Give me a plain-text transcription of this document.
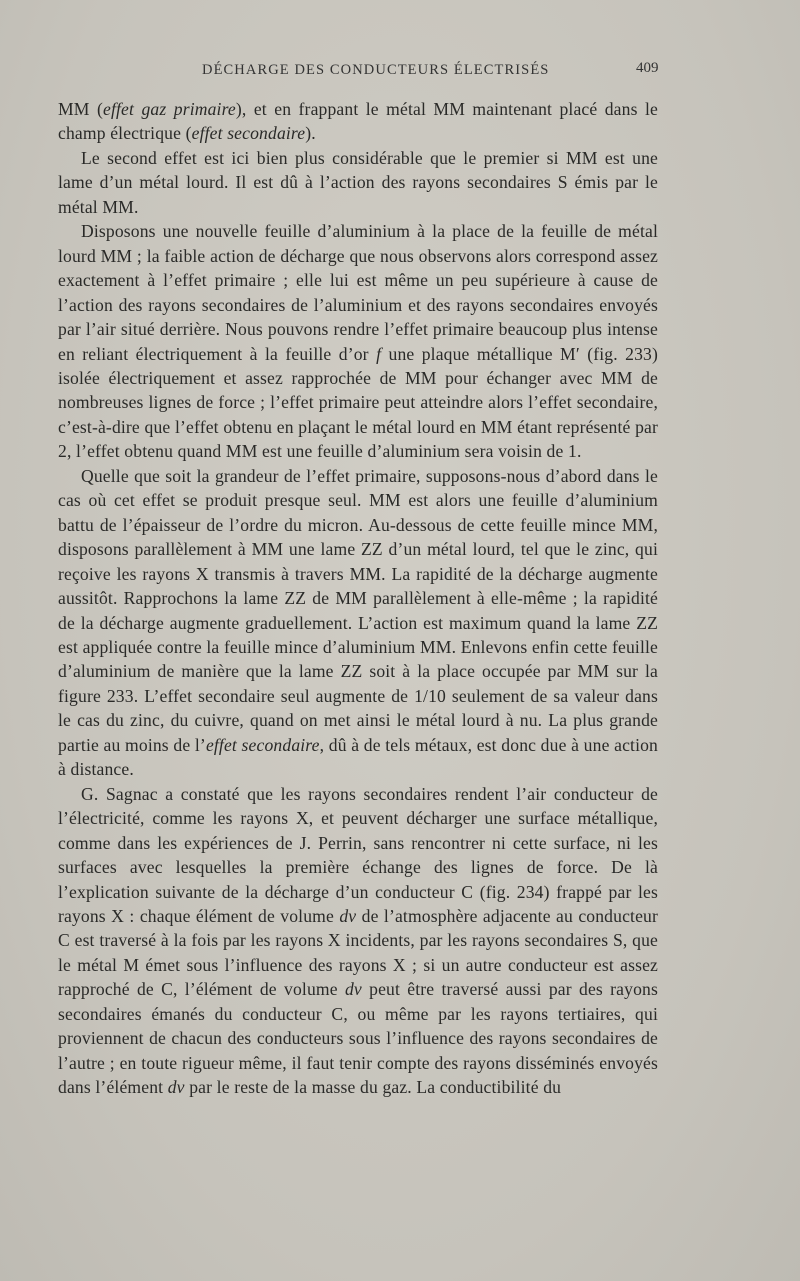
DÉCHARGE DES CONDUCTEURS ÉLECTRISÉS	409

MM (effet gaz primaire), et en frappant le métal MM maintenant placé dans le champ électrique (effet secondaire).

Le second effet est ici bien plus considérable que le premier si MM est une lame d’un métal lourd. Il est dû à l’action des rayons secondaires S émis par le métal MM.

Disposons une nouvelle feuille d’aluminium à la place de la feuille de métal lourd MM ; la faible action de décharge que nous observons alors correspond assez exactement à l’effet primaire ; elle lui est même un peu supérieure à cause de l’action des rayons secondaires de l’aluminium et des rayons secondaires envoyés par l’air situé derrière. Nous pouvons rendre l’effet primaire beaucoup plus intense en reliant électriquement à la feuille d’or f une plaque métallique M′ (fig. 233) isolée électriquement et assez rapprochée de MM pour échanger avec MM de nombreuses lignes de force ; l’effet primaire peut atteindre alors l’effet secondaire, c’est-à-dire que l’effet obtenu en plaçant le métal lourd en MM étant représenté par 2, l’effet obtenu quand MM est une feuille d’aluminium sera voisin de 1.

Quelle que soit la grandeur de l’effet primaire, supposons-nous d’abord dans le cas où cet effet se produit presque seul. MM est alors une feuille d’aluminium battu de l’épaisseur de l’ordre du micron. Au-dessous de cette feuille mince MM, disposons parallèlement à MM une lame ZZ d’un métal lourd, tel que le zinc, qui reçoive les rayons X transmis à travers MM. La rapidité de la décharge augmente aussitôt. Rapprochons la lame ZZ de MM parallèlement à elle-même ; la rapidité de la décharge augmente graduellement. L’action est maximum quand la lame ZZ est appliquée contre la feuille mince d’aluminium MM. Enlevons enfin cette feuille d’aluminium de manière que la lame ZZ soit à la place occupée par MM sur la figure 233. L’effet secondaire seul augmente de 1/10 seulement de sa valeur dans le cas du zinc, du cuivre, quand on met ainsi le métal lourd à nu. La plus grande partie au moins de l’effet secondaire, dû à de tels métaux, est donc due à une action à distance.

G. Sagnac a constaté que les rayons secondaires rendent l’air conducteur de l’électricité, comme les rayons X, et peuvent décharger une surface métallique, comme dans les expériences de J. Perrin, sans rencontrer ni cette surface, ni les surfaces avec lesquelles la première échange des lignes de force. De là l’explication suivante de la décharge d’un conducteur C (fig. 234) frappé par les rayons X : chaque élément de volume dv de l’atmosphère adjacente au conducteur C est traversé à la fois par les rayons X incidents, par les rayons secondaires S, que le métal M émet sous l’influence des rayons X ; si un autre conducteur est assez rapproché de C, l’élément de volume dv peut être traversé aussi par des rayons secondaires émanés du conducteur C, ou même par les rayons tertiaires, qui proviennent de chacun des conducteurs sous l’influence des rayons secondaires de l’autre ; en toute rigueur même, il faut tenir compte des rayons disséminés envoyés dans l’élément dv par le reste de la masse du gaz. La conductibilité du
